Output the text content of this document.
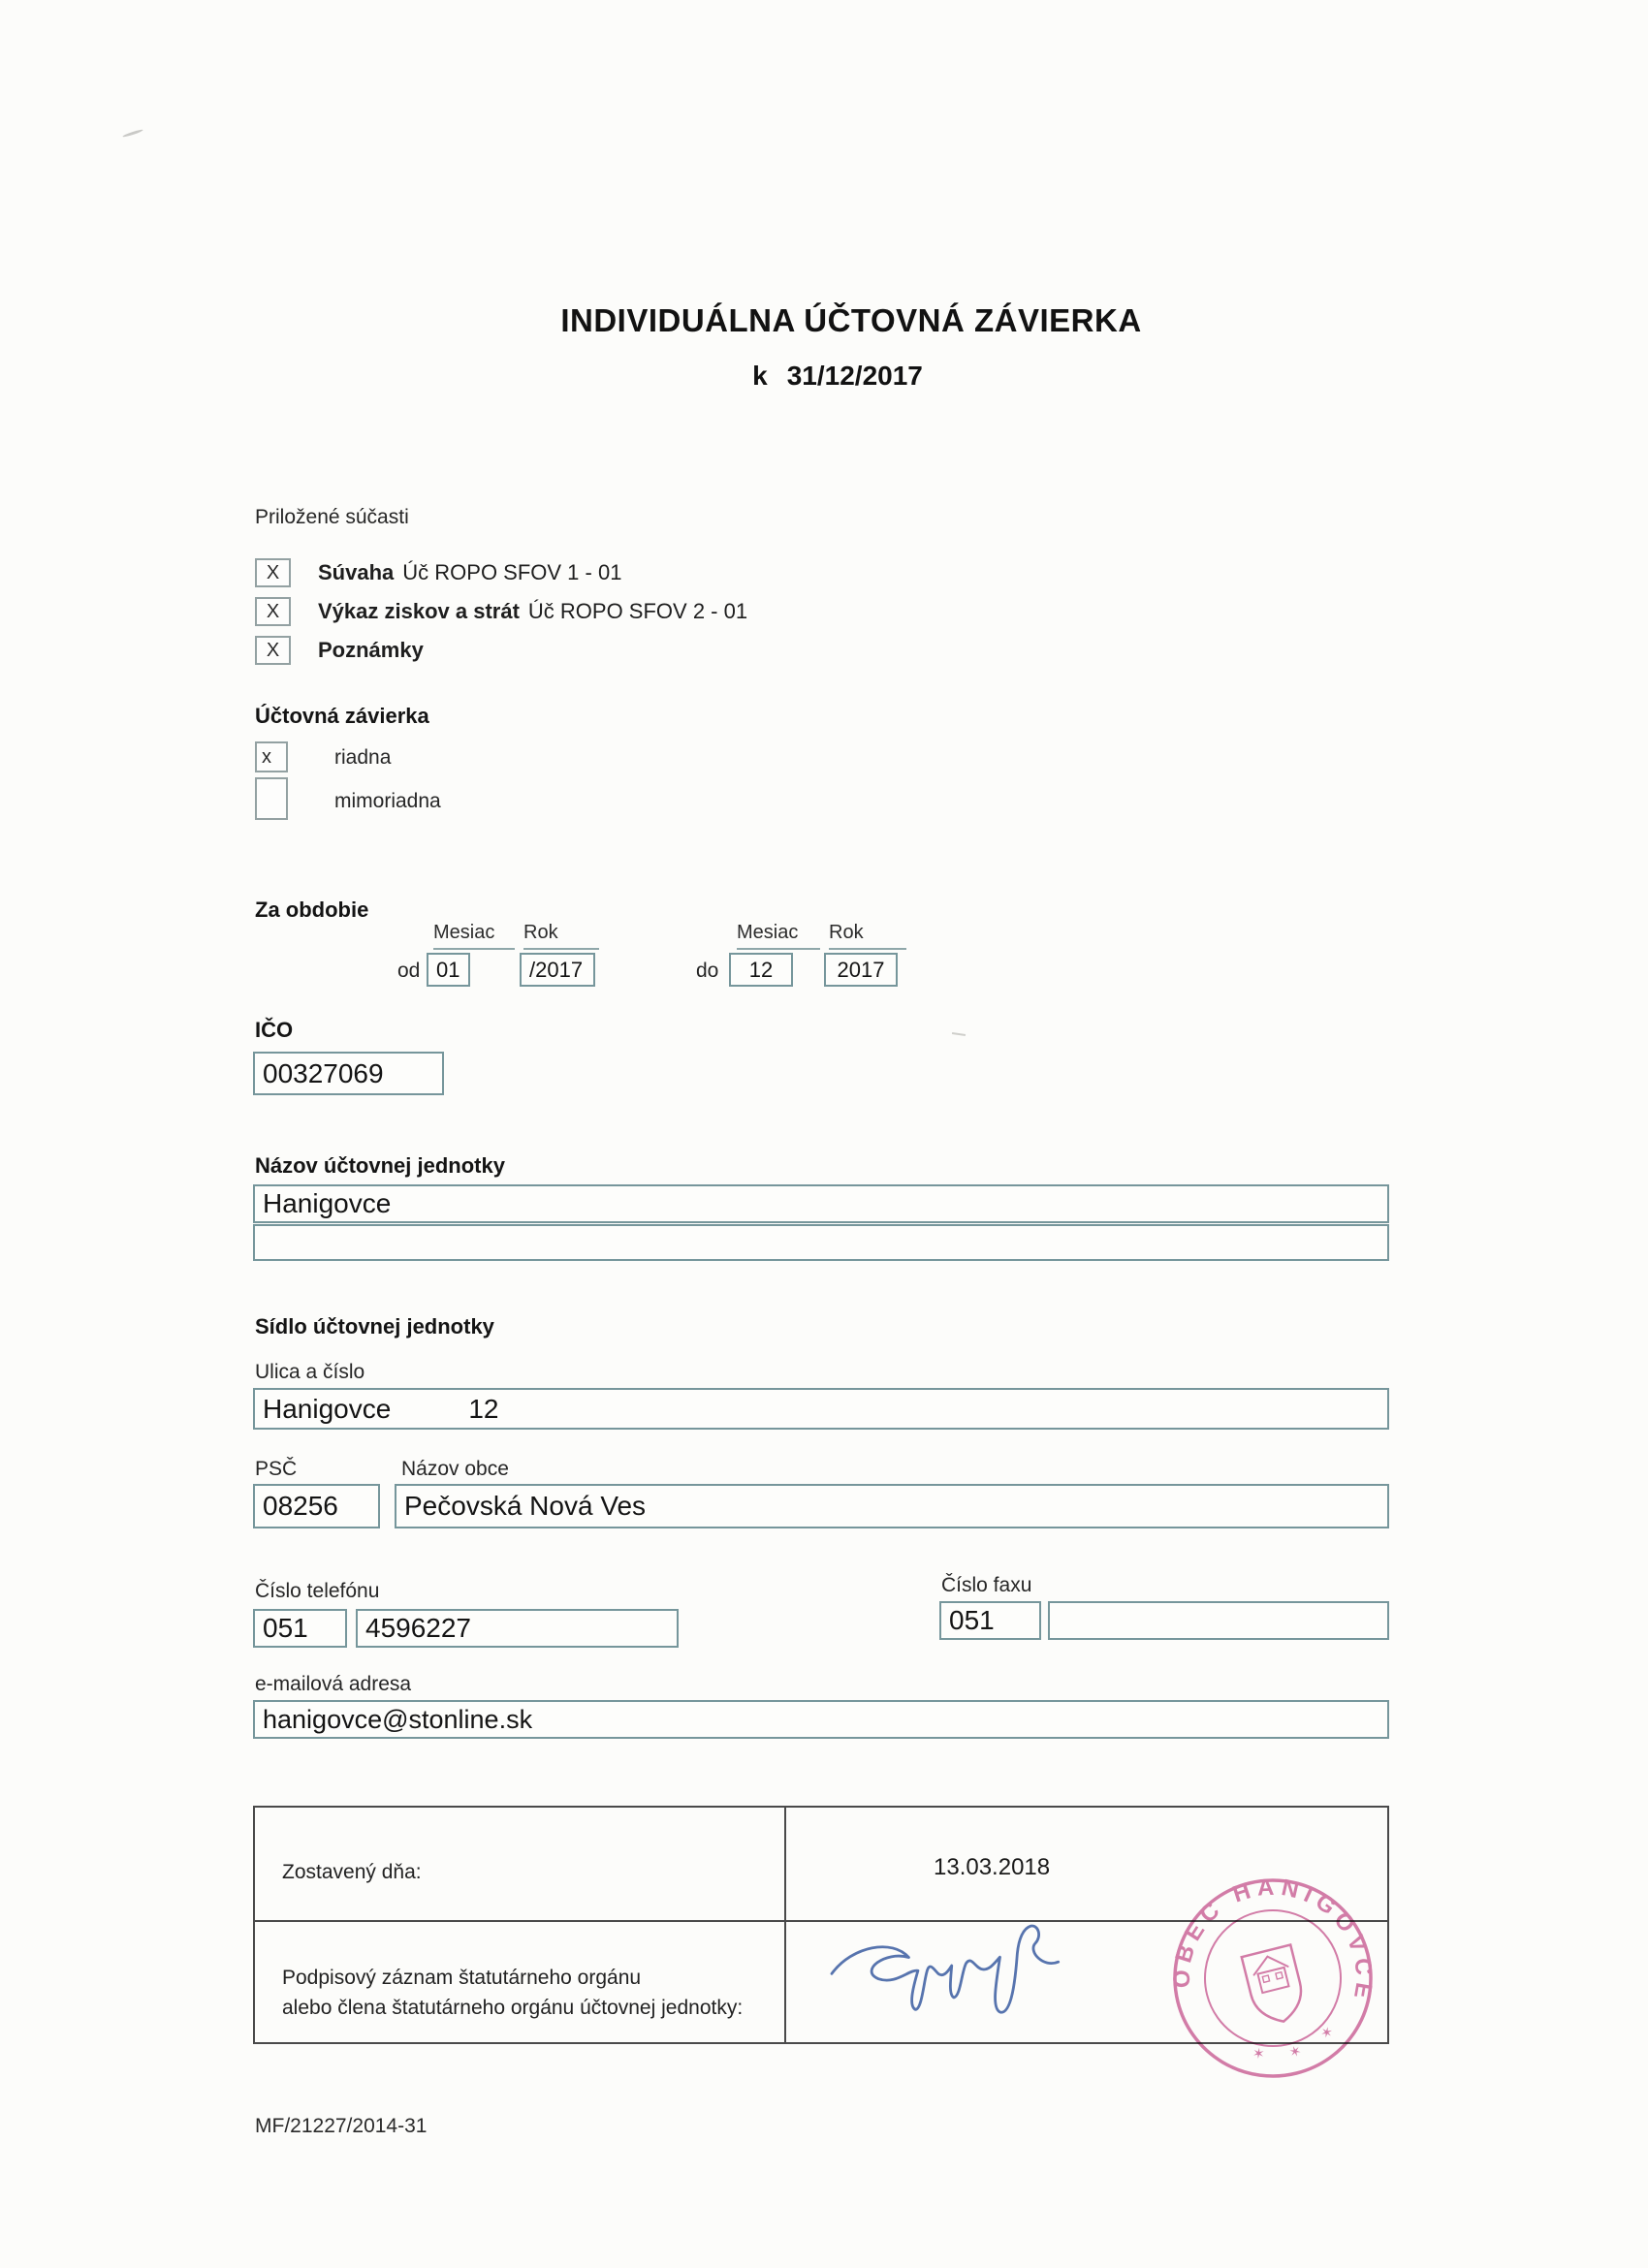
INDIVIDUÁLNA ÚČTOVNÁ ZÁVIERKA
k 31/12/2017
Priložené súčasti
X Súvaha Úč ROPO SFOV 1 - 01
X Výkaz ziskov a strát Úč ROPO SFOV 2 - 01
X Poznámky
Účtovná závierka
x	riadna
mimoriadna
Za obdobie
Mesiac	Rok	Mesiac	Rok
od 01	/2017	do	12	2017
IČO
00327069
Názov účtovnej jednotky
Hanigovce
Sídlo účtovnej jednotky
Ulica a číslo
Hanigovce	12
PSČ	Názov obce
08256	Pečovská Nová Ves
Číslo telefónu	Číslo faxu
051	4596227	051
e-mailová adresa
hanigovce@stonline.sk
Zostavený dňa:	13.03.2018
Podpisový záznam štatutárneho orgánu
alebo člena štatutárneho orgánu účtovnej jednotky:
OBEC HANIGOVCE
✶ ✶ ✶
MF/21227/2014-31
